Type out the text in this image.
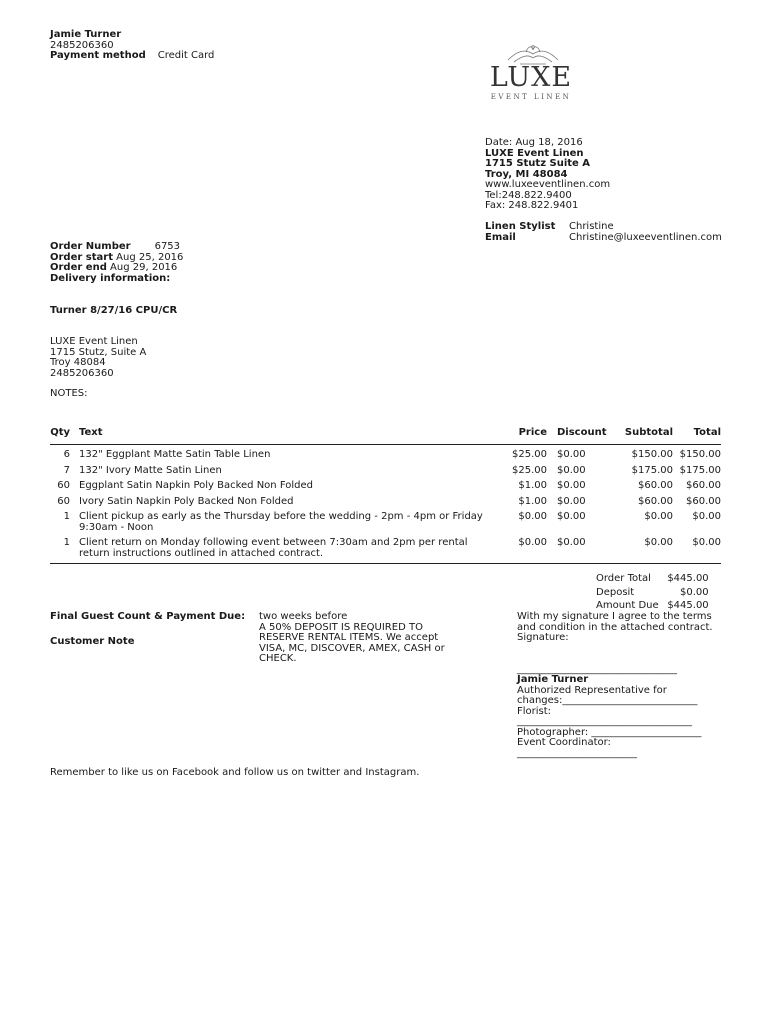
Jamie Turner
2485206360
Payment method Credit Card
LUXE
EVENT LINEN
Date: Aug 18, 2016
LUXE Event Linen
1715 Stutz Suite A
Troy, MI 48084
www.luxeeventlinen.com
Tel:248.822.9400
Fax: 248.822.9401
Linen Stylist	Christine
Email	Christine@luxeeventlinen.com
Order Number 6753
Order start Aug 25, 2016
Order end Aug 29, 2016
Delivery information:
Turner 8/27/16 CPU/CR
LUXE Event Linen
1715 Stutz, Suite A
Troy 48084
2485206360
NOTES:
Qty	Text	Price	Discount	Subtotal	Total
6	132" Eggplant Matte Satin Table Linen	$25.00	$0.00	$150.00	$150.00
7	132" Ivory Matte Satin Linen	$25.00	$0.00	$175.00	$175.00
60	Eggplant Satin Napkin Poly Backed Non Folded	$1.00	$0.00	$60.00	$60.00
60	Ivory Satin Napkin Poly Backed Non Folded	$1.00	$0.00	$60.00	$60.00
1	Client pickup as early as the Thursday before the wedding - 2pm - 4pm or Friday
9:30am - Noon	$0.00	$0.00	$0.00	$0.00
1	Client return on Monday following event between 7:30am and 2pm per rental
return instructions outlined in attached contract.	$0.00	$0.00	$0.00	$0.00
Order Total	$445.00
Deposit	$0.00
Amount Due	$445.00
Final Guest Count & Payment Due: two weeks before
A 50% DEPOSIT IS REQUIRED TO
RESERVE RENTAL ITEMS. We accept
VISA, MC, DISCOVER, AMEX, CASH or
CHECK.
Customer Note
With my signature I agree to the terms
and condition in the attached contract.
Signature:
________________________________
Jamie Turner
Authorized Representative for
changes:___________________________
Florist:
___________________________________
Photographer: ______________________
Event Coordinator:
________________________
Remember to like us on Facebook and follow us on twitter and Instagram.
